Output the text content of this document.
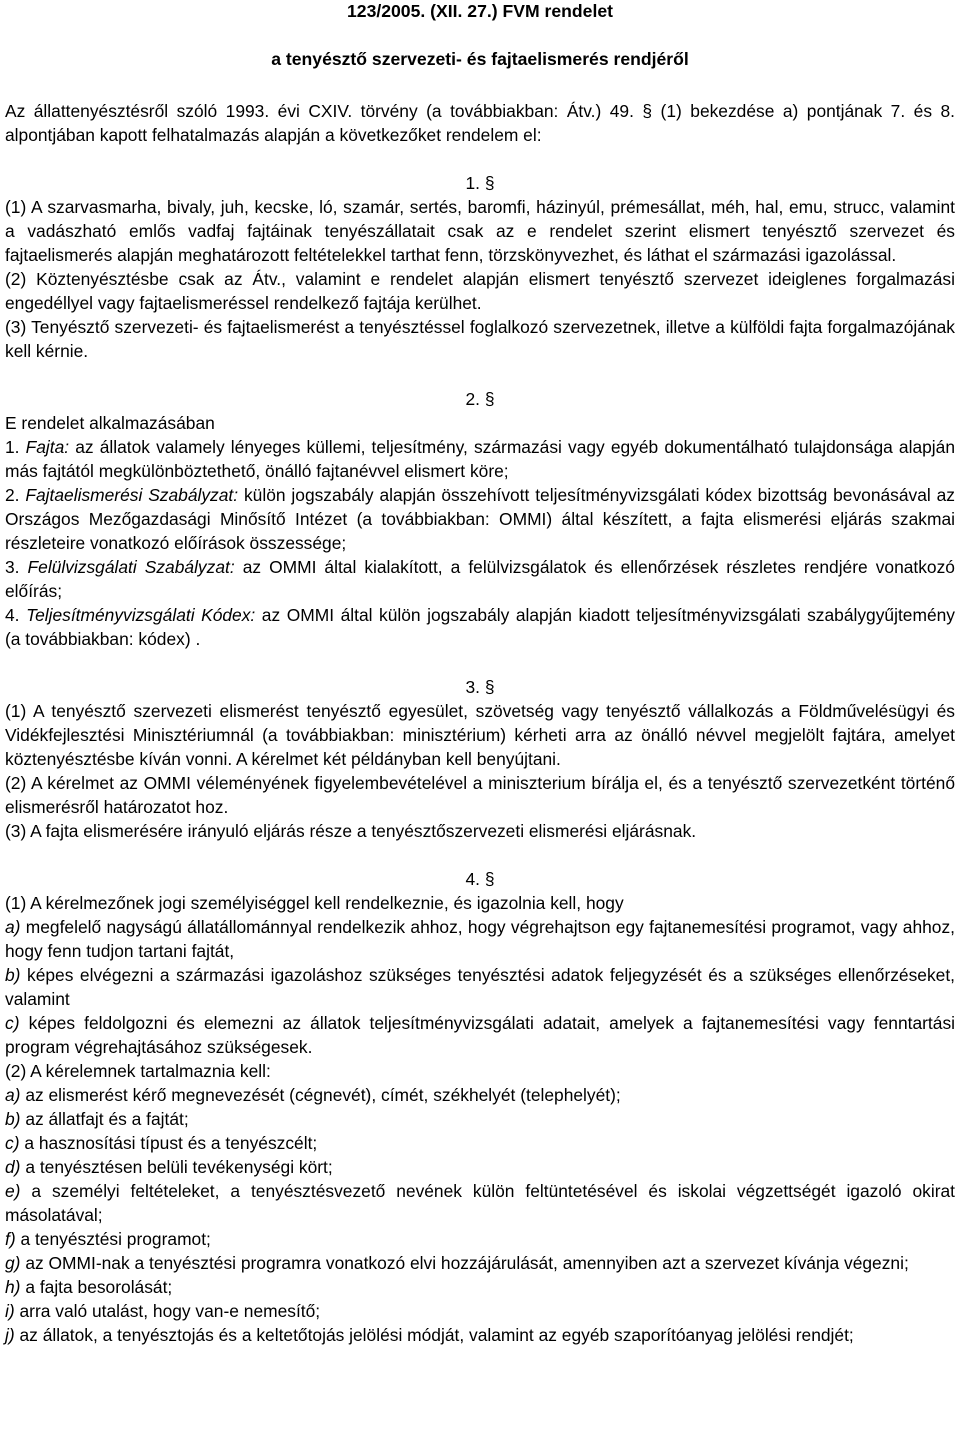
123/2005. (XII. 27.) FVM rendelet
a tenyésztő szervezeti- és fajtaelismerés rendjéről

Az állattenyésztésről szóló 1993. évi CXIV. törvény (a továbbiakban: Átv.) 49. § (1) bekezdése a) pontjának 7. és 8. alpontjában kapott felhatalmazás alapján a következőket rendelem el:

1. §

(1) A szarvasmarha, bivaly, juh, kecske, ló, szamár, sertés, baromfi, házinyúl, prémesállat, méh, hal, emu, strucc, valamint a vadászható emlős vadfaj fajtáinak tenyészállatait csak az e rendelet szerint elismert tenyésztő szervezet és fajtaelismerés alapján meghatározott feltételekkel tarthat fenn, törzskönyvezhet, és láthat el származási igazolással.

(2) Köztenyésztésbe csak az Átv., valamint e rendelet alapján elismert tenyésztő szervezet ideiglenes forgalmazási engedéllyel vagy fajtaelismeréssel rendelkező fajtája kerülhet.

(3) Tenyésztő szervezeti- és fajtaelismerést a tenyésztéssel foglalkozó szervezetnek, illetve a külföldi fajta forgalmazójának kell kérnie.

2. §

E rendelet alkalmazásában

1. Fajta: az állatok valamely lényeges küllemi, teljesítmény, származási vagy egyéb dokumentálható tulajdonsága alapján más fajtától megkülönböztethető, önálló fajtanévvel elismert köre;

2. Fajtaelismerési Szabályzat: külön jogszabály alapján összehívott teljesítményvizsgálati kódex bizottság bevonásával az Országos Mezőgazdasági Minősítő Intézet (a továbbiakban: OMMI) által készített, a fajta elismerési eljárás szakmai részleteire vonatkozó előírások összessége;

3. Felülvizsgálati Szabályzat: az OMMI által kialakított, a felülvizsgálatok és ellenőrzések részletes rendjére vonatkozó előírás;

4. Teljesítményvizsgálati Kódex: az OMMI által külön jogszabály alapján kiadott teljesítményvizsgálati szabálygyűjtemény (a továbbiakban: kódex) .

3. §

(1) A tenyésztő szervezeti elismerést tenyésztő egyesület, szövetség vagy tenyésztő vállalkozás a Földművelésügyi és Vidékfejlesztési Minisztériumnál (a továbbiakban: minisztérium) kérheti arra az önálló névvel megjelölt fajtára, amelyet köztenyésztésbe kíván vonni. A kérelmet két példányban kell benyújtani.

(2) A kérelmet az OMMI véleményének figyelembevételével a miniszterium bírálja el, és a tenyésztő szervezetként történő elismerésről határozatot hoz.

(3) A fajta elismerésére irányuló eljárás része a tenyésztőszervezeti elismerési eljárásnak.

4. §

(1) A kérelmezőnek jogi személyiséggel kell rendelkeznie, és igazolnia kell, hogy

a) megfelelő nagyságú állatállománnyal rendelkezik ahhoz, hogy végrehajtson egy fajtanemesítési programot, vagy ahhoz, hogy fenn tudjon tartani fajtát,

b) képes elvégezni a származási igazoláshoz szükséges tenyésztési adatok feljegyzését és a szükséges ellenőrzéseket, valamint

c) képes feldolgozni és elemezni az állatok teljesítményvizsgálati adatait, amelyek a fajtanemesítési vagy fenntartási program végrehajtásához szükségesek.

(2) A kérelemnek tartalmaznia kell:

a) az elismerést kérő megnevezését (cégnevét), címét, székhelyét (telephelyét);

b) az állatfajt és a fajtát;

c) a hasznosítási típust és a tenyészcélt;

d) a tenyésztésen belüli tevékenységi kört;

e) a személyi feltételeket, a tenyésztésvezető nevének külön feltüntetésével és iskolai végzettségét igazoló okirat másolatával;

f) a tenyésztési programot;

g) az OMMI-nak a tenyésztési programra vonatkozó elvi hozzájárulását, amennyiben azt a szervezet kívánja végezni;

h) a fajta besorolását;

i) arra való utalást, hogy van-e nemesítő;

j) az állatok, a tenyésztojás és a keltetőtojás jelölési módját, valamint az egyéb szaporítóanyag jelölési rendjét;
